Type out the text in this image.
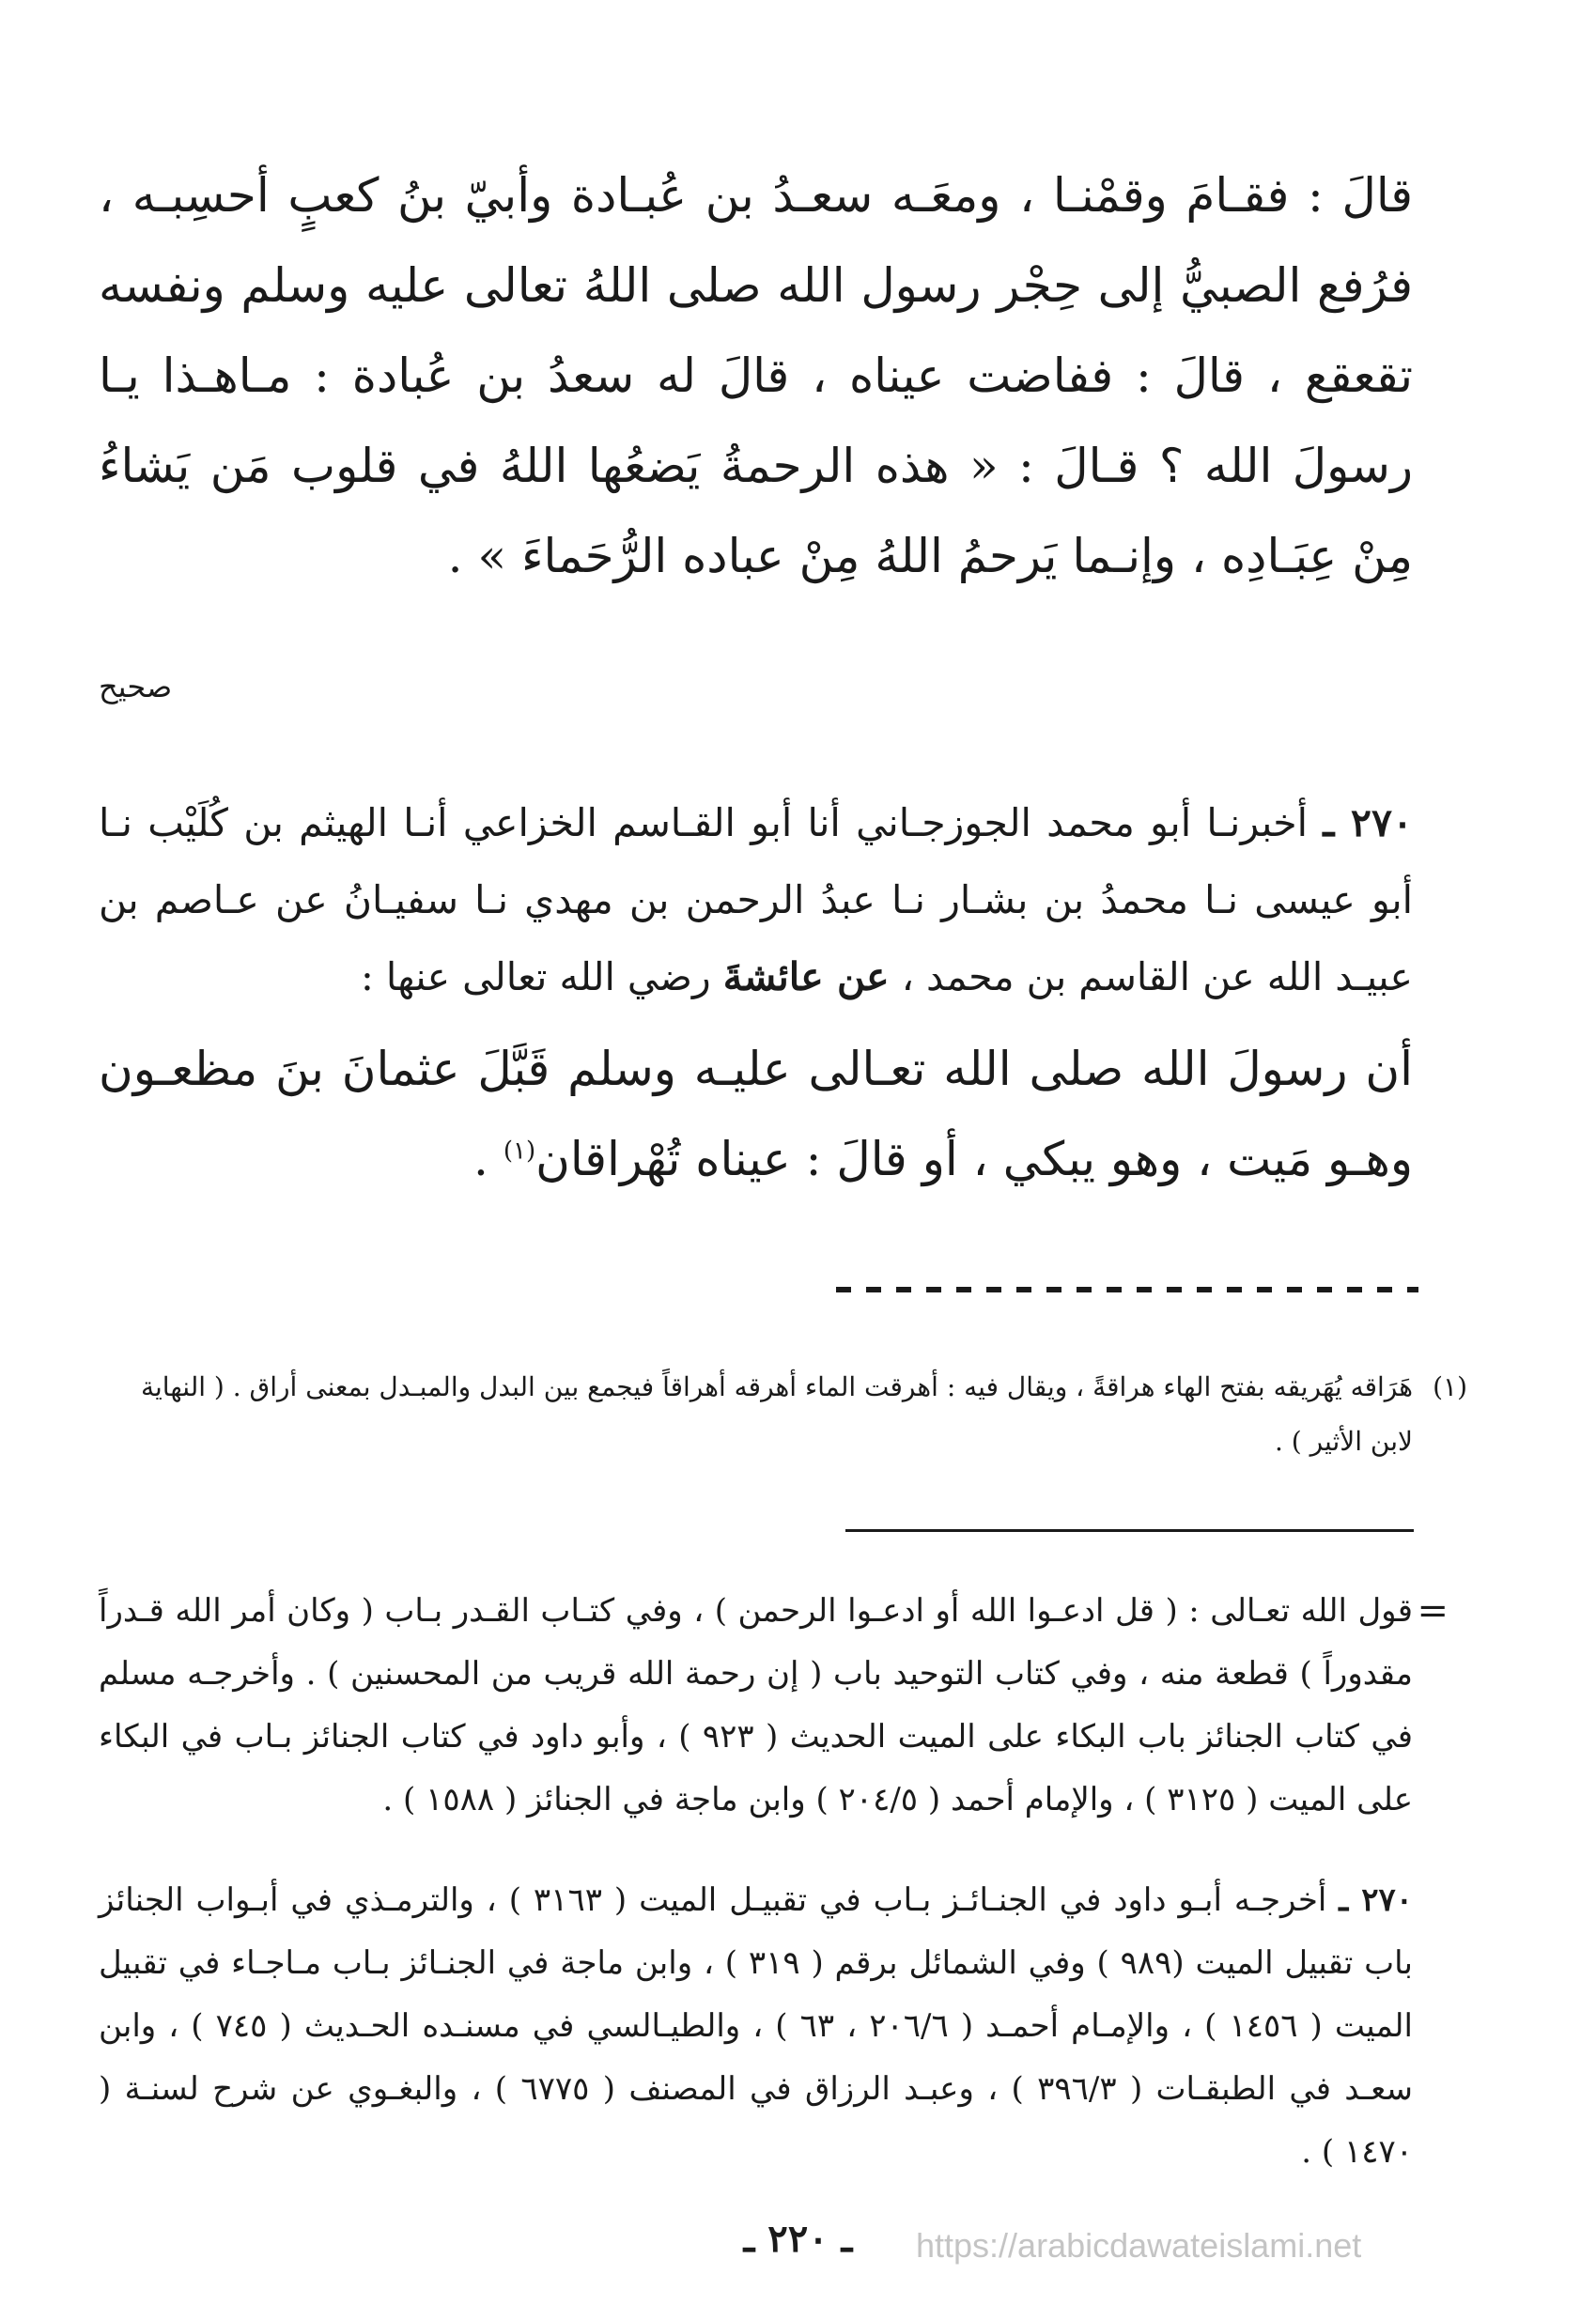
قالَ : فقـامَ وقمْنـا ، ومعَـه سعـدُ بن عُبـادة وأبيّ بنُ كعبٍ أحسِبـه ، فرُفع الصبيُّ إلى حِجْر رسول الله صلى اللهُ تعالى عليه وسلم ونفسه تقعقع ، قالَ : ففاضت عيناه ، قالَ له سعدُ بن عُبادة : مـاهـذا يـا رسولَ الله ؟ قـالَ : « هذه الرحمةُ يَضعُها اللهُ في قلوب مَن يَشاءُ مِنْ عِبَـادِه ، وإنـما يَرحمُ اللهُ مِنْ عباده الرُّحَماءَ » .
صحيح
٢٧٠ ـ أخبرنـا أبو محمد الجوزجـاني أنا أبو القـاسم الخزاعي أنـا الهيثم بن كُلَيْب نـا أبو عيسى نـا محمدُ بن بشـار نـا عبدُ الرحمن بن مهدي نـا سفيـانُ عن عـاصم بن عبيـد الله عن القاسم بن محمد ، عن عائشةَ رضي الله تعالى عنها :
أن رسولَ الله صلى الله تعـالى عليـه وسلم قَبَّلَ عثمانَ بنَ مظعـون وهـو مَيت ، وهو يبكي ، أو قالَ : عيناه تُهْراقان$^{(١)}$ .
(١)
هَرَاقه يُهَريقه بفتح الهاء هراقةً ، ويقال فيه : أهرقت الماء أهرقه أهراقاً فيجمع بين البدل والمبـدل بمعنى أراق . ( النهاية لابن الأثير ) .
=
قول الله تعـالى : ( قل ادعـوا الله أو ادعـوا الرحمن ) ، وفي كتـاب القـدر بـاب ( وكان أمر الله قـدراً مقدوراً ) قطعة منه ، وفي كتاب التوحيد باب ( إن رحمة الله قريب من المحسنين ) . وأخرجـه مسلم في كتاب الجنائز باب البكاء على الميت الحديث ( ٩٢٣ ) ، وأبو داود في كتاب الجنائز بـاب في البكاء على الميت ( ٣١٢٥ ) ، والإمام أحمد ( ٢٠٤/٥ ) وابن ماجة في الجنائز ( ١٥٨٨ ) .
٢٧٠ ـ أخرجـه أبـو داود في الجنـائـز بـاب في تقبيـل الميت ( ٣١٦٣ ) ، والترمـذي في أبـواب الجنائز باب تقبيل الميت (٩٨٩ ) وفي الشمائل برقم ( ٣١٩ ) ، وابن ماجة في الجنـائز بـاب مـاجـاء في تقبيل الميت ( ١٤٥٦ ) ، والإمـام أحمـد ( ٢٠٦/٦ ، ٦٣ ) ، والطيـالسي في مسنـده الحـديث ( ٧٤٥ ) ، وابن سعـد في الطبقـات ( ٣٩٦/٣ ) ، وعبـد الرزاق في المصنف ( ٦٧٧٥ ) ، والبغـوي عن شرح لسنـة ( ١٤٧٠ ) .
ـ ٢٢٠ ـ	https://arabicdawateislami.net
